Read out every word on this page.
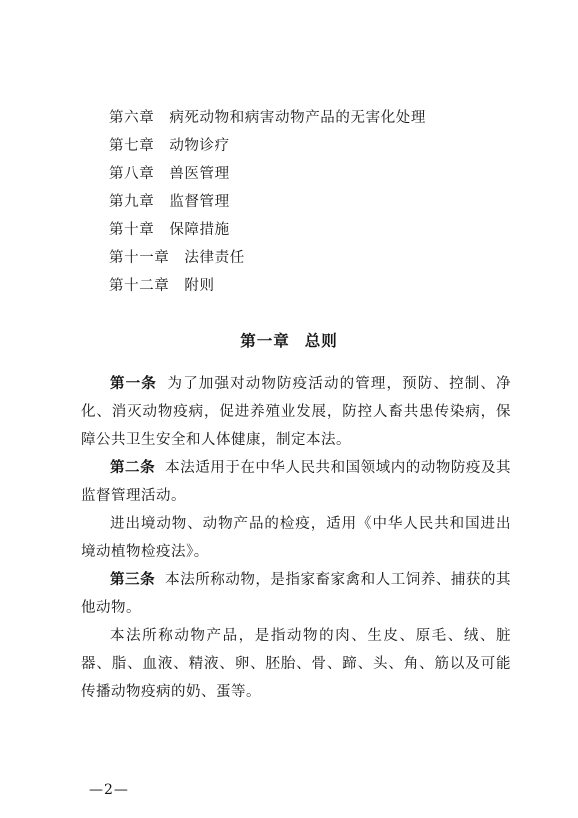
第六章 病死动物和病害动物产品的无害化处理
第七章 动物诊疗
第八章 兽医管理
第九章 监督管理
第十章 保障措施
第十一章 法律责任
第十二章 附则
第一章 总则

第一条 为了加强对动物防疫活动的管理，预防、控制、净化、消灭动物疫病，促进养殖业发展，防控人畜共患传染病，保障公共卫生安全和人体健康，制定本法。

第二条 本法适用于在中华人民共和国领域内的动物防疫及其监督管理活动。

进出境动物、动物产品的检疫，适用《中华人民共和国进出境动植物检疫法》。

第三条 本法所称动物，是指家畜家禽和人工饲养、捕获的其他动物。

本法所称动物产品，是指动物的肉、生皮、原毛、绒、脏器、脂、血液、精液、卵、胚胎、骨、蹄、头、角、筋以及可能传播动物疫病的奶、蛋等。

—2—
